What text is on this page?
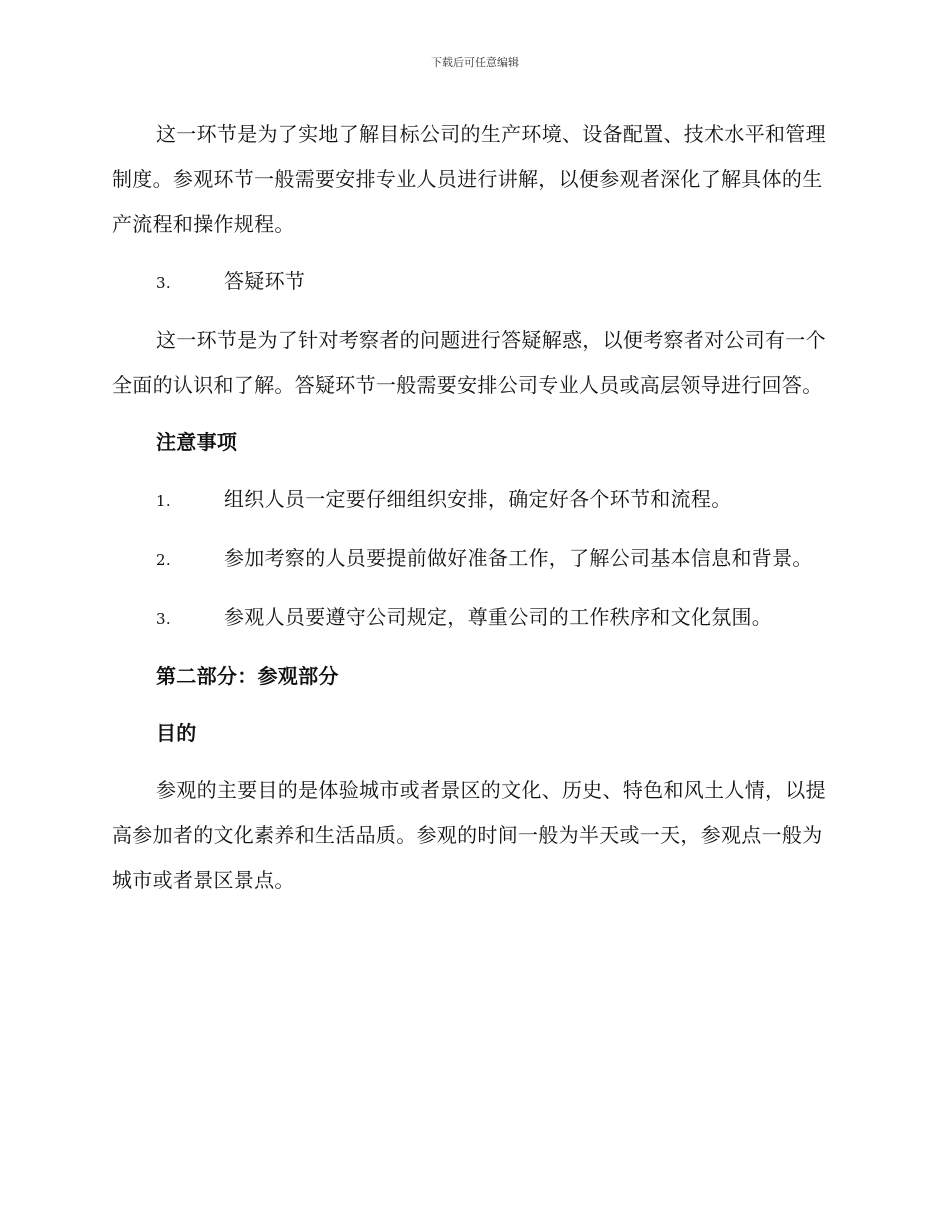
下载后可任意编辑

这一环节是为了实地了解目标公司的生产环境、设备配置、技术水平和管理制度。参观环节一般需要安排专业人员进行讲解，以便参观者深化了解具体的生产流程和操作规程。

3.	答疑环节

这一环节是为了针对考察者的问题进行答疑解惑，以便考察者对公司有一个全面的认识和了解。答疑环节一般需要安排公司专业人员或高层领导进行回答。

注意事项
1.	组织人员一定要仔细组织安排，确定好各个环节和流程。
2.	参加考察的人员要提前做好准备工作，了解公司基本信息和背景。
3.	参观人员要遵守公司规定，尊重公司的工作秩序和文化氛围。
第二部分：参观部分
目的

参观的主要目的是体验城市或者景区的文化、历史、特色和风土人情，以提高参加者的文化素养和生活品质。参观的时间一般为半天或一天，参观点一般为城市或者景区景点。
